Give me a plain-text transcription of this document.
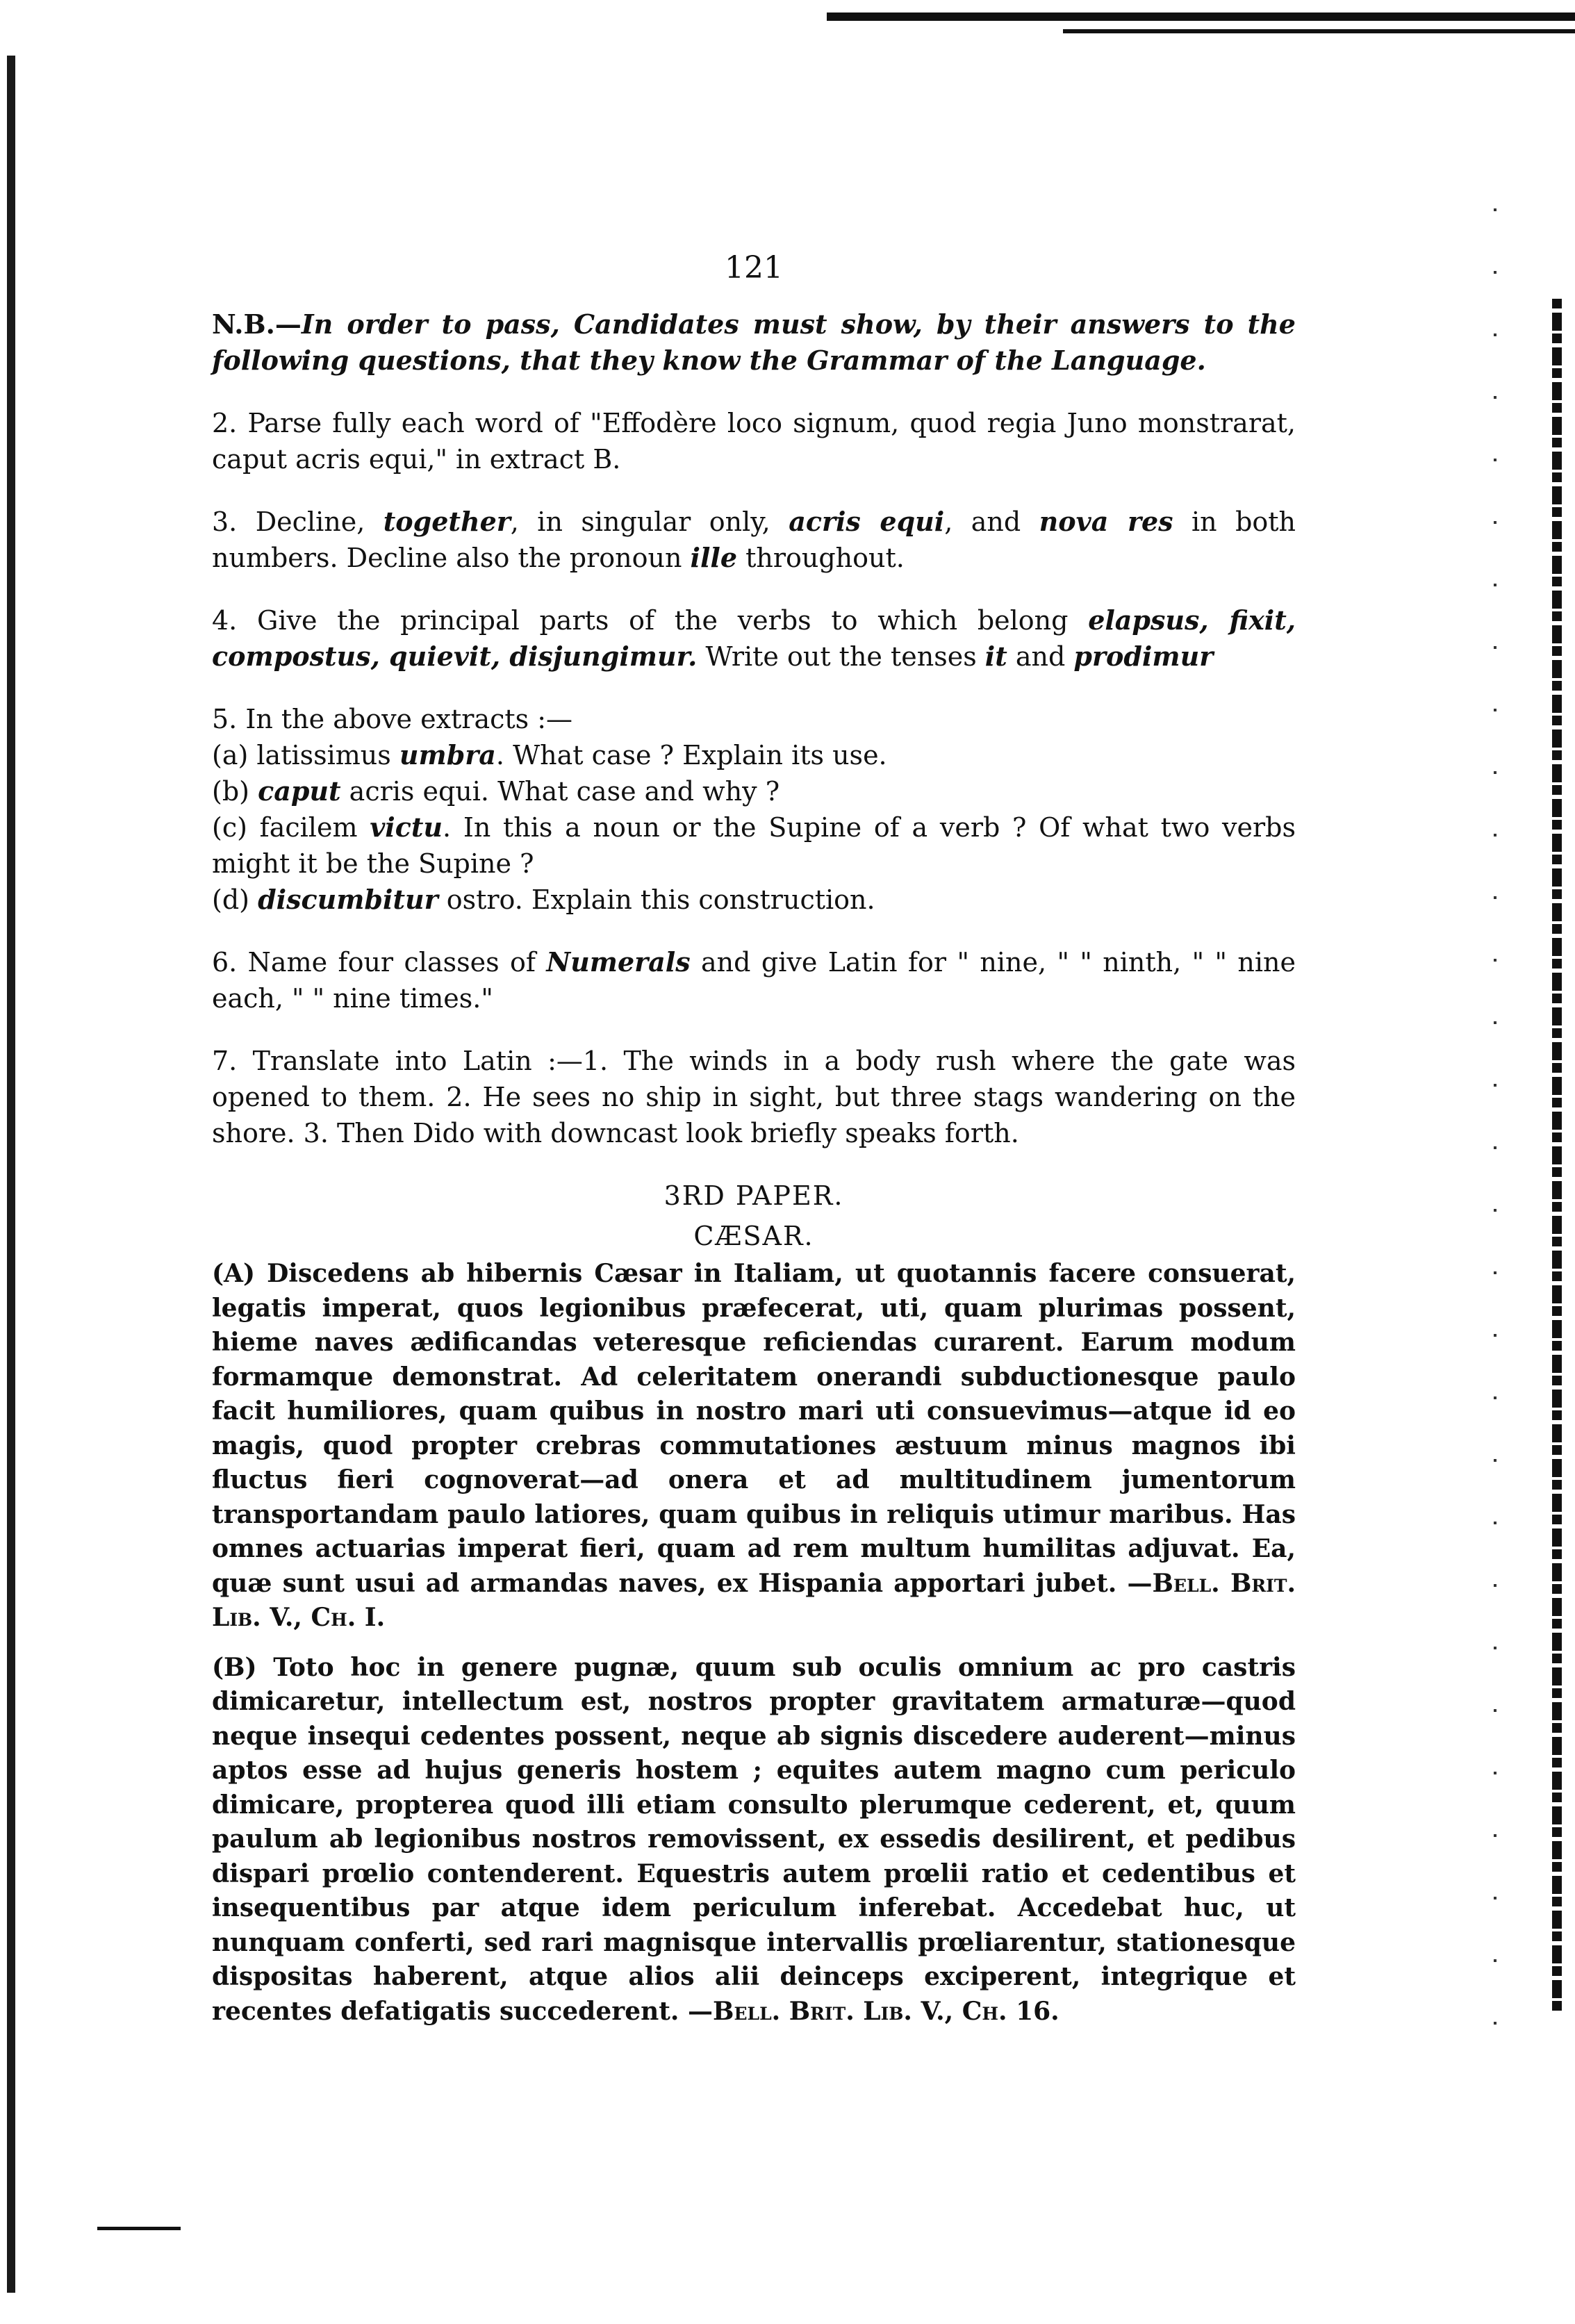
121

N.B.—In order to pass, Candidates must show, by their answers to the following questions, that they know the Grammar of the Language.

2. Parse fully each word of "Effodère loco signum, quod regia Juno monstrarat, caput acris equi," in extract B.

3. Decline, together, in singular only, acris equi, and nova res in both numbers. Decline also the pronoun ille throughout.

4. Give the principal parts of the verbs to which belong elapsus, fixit, compostus, quievit, disjungimur. Write out the tenses it and prodimur

5. In the above extracts :—

(a) latissimus umbra. What case ? Explain its use.

(b) caput acris equi. What case and why ?

(c) facilem victu. In this a noun or the Supine of a verb ? Of what two verbs might it be the Supine ?

(d) discumbitur ostro. Explain this construction.

6. Name four classes of Numerals and give Latin for " nine, " " ninth, " " nine each, " " nine times."

7. Translate into Latin :—1. The winds in a body rush where the gate was opened to them. 2. He sees no ship in sight, but three stags wandering on the shore. 3. Then Dido with downcast look briefly speaks forth.

3RD PAPER.
CÆSAR.

(A) Discedens ab hibernis Cæsar in Italiam, ut quotannis facere consuerat, legatis imperat, quos legionibus præfecerat, uti, quam plurimas possent, hieme naves ædificandas veteresque reficiendas curarent. Earum modum formamque demonstrat. Ad celeritatem onerandi subductionesque paulo facit humiliores, quam quibus in nostro mari uti consuevimus—atque id eo magis, quod propter crebras commutationes æstuum minus magnos ibi fluctus fieri cognoverat—ad onera et ad multitudinem jumentorum transportandam paulo latiores, quam quibus in reliquis utimur maribus. Has omnes actuarias imperat fieri, quam ad rem multum humilitas adjuvat. Ea, quæ sunt usui ad armandas naves, ex Hispania apportari jubet. —Bell. Brit. Lib. V., Ch. I.

(B) Toto hoc in genere pugnæ, quum sub oculis omnium ac pro castris dimicaretur, intellectum est, nostros propter gravitatem armaturæ—quod neque insequi cedentes possent, neque ab signis discedere auderent—minus aptos esse ad hujus generis hostem ; equites autem magno cum periculo dimicare, propterea quod illi etiam consulto plerumque cederent, et, quum paulum ab legionibus nostros removissent, ex essedis desilirent, et pedibus dispari prœlio contenderent. Equestris autem prœlii ratio et cedentibus et insequentibus par atque idem periculum inferebat. Accedebat huc, ut nunquam conferti, sed rari magnisque intervallis prœliarentur, stationesque dispositas haberent, atque alios alii deinceps exciperent, integrique et recentes defatigatis succederent. —Bell. Brit. Lib. V., Ch. 16.
